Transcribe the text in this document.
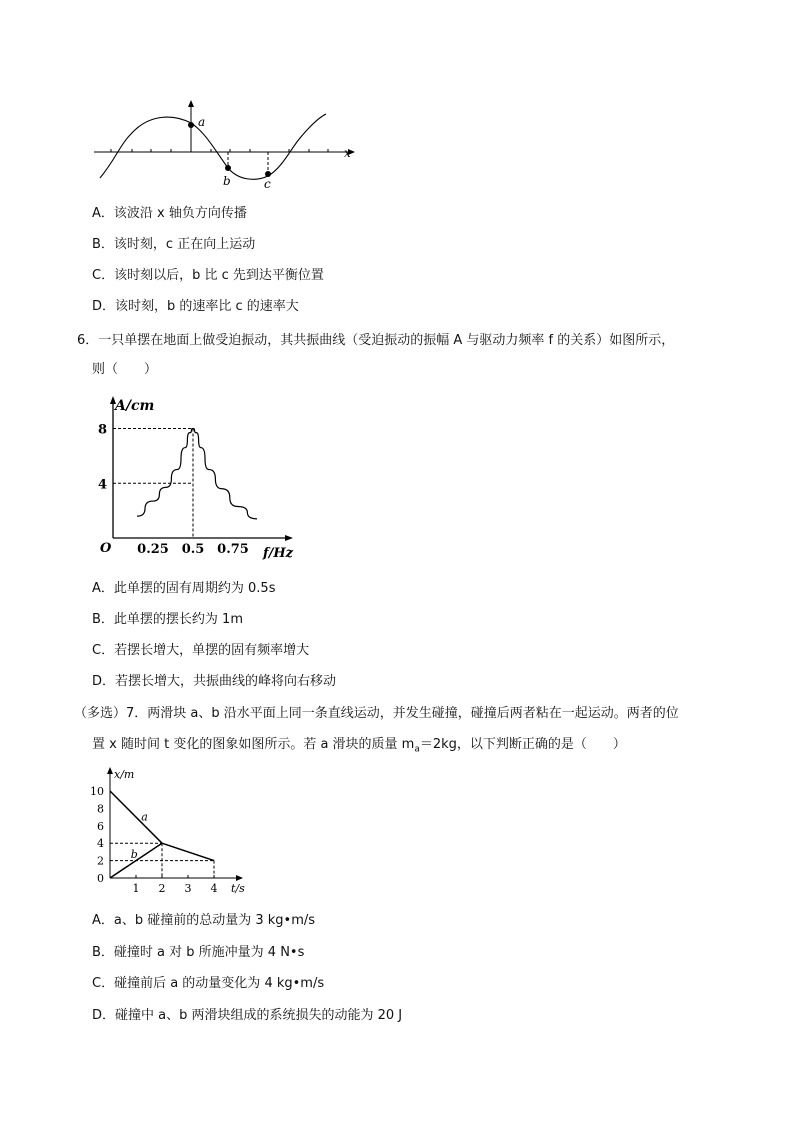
x
a
b	c
A．该波沿 x 轴负方向传播
B．该时刻，c 正在向上运动
C．该时刻以后，b 比 c 先到达平衡位置
D．该时刻，b 的速率比 c 的速率大
6．一只单摆在地面上做受迫振动，其共振曲线（受迫振动的振幅 A 与驱动力频率 f 的关系）如图所示，
则（　　）
A/cm
f/Hz
O 0.25 0.5 0.75
4
8
A．此单摆的固有周期约为 0.5s
B．此单摆的摆长约为 1m
C．若摆长增大，单摆的固有频率增大
D．若摆长增大，共振曲线的峰将向右移动
（多选）7．两滑块 a、b 沿水平面上同一条直线运动，并发生碰撞，碰撞后两者粘在一起运动。两者的位
置 x 随时间 t 变化的图象如图所示。若 a 滑块的质量 $m_a=2kg$，以下判断正确的是（　　）
x/m
t/s
0
1 2 3 4
2
4
6
8
10
a
b
A．a、b 碰撞前的总动量为 3 kg•m/s
B．碰撞时 a 对 b 所施冲量为 4 N•s
C．碰撞前后 a 的动量变化为 4 kg•m/s
D．碰撞中 a、b 两滑块组成的系统损失的动能为 20 J
